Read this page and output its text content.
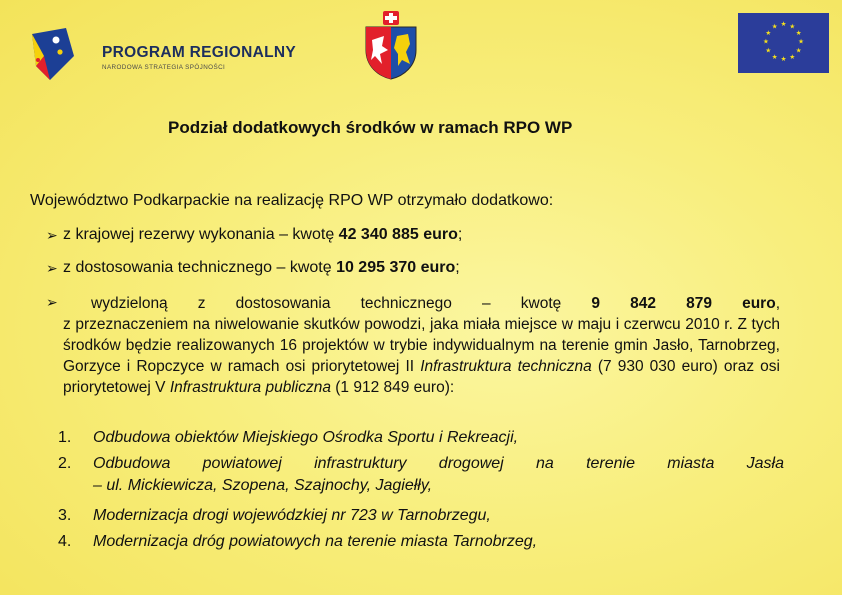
PROGRAM REGIONALNY
NARODOWA STRATEGIA SPÓJNOŚCI
★ ★
★
★
★
★
★
★
★
★
★
★
Podział dodatkowych środków w ramach RPO WP
Województwo Podkarpackie na realizację RPO WP otrzymało dodatkowo:
➢ z krajowej rezerwy wykonania – kwotę 42 340 885 euro;
➢ z dostosowania technicznego – kwotę 10 295 370 euro;
➢	wydzieloną z dostosowania technicznego – kwotę 9 842 879 euro,
z przeznaczeniem na niwelowanie skutków powodzi, jaka miała miejsce w maju i czerwcu 2010 r. Z tych środków będzie realizowanych 16 projektów w trybie indywidualnym na terenie gmin Jasło, Tarnobrzeg, Gorzyce i Ropczyce w ramach osi priorytetowej II Infrastruktura techniczna (7 930 030 euro) oraz osi priorytetowej V Infrastruktura publiczna (1 912 849 euro):
1. Odbudowa obiektów Miejskiego Ośrodka Sportu i Rekreacji,
2. Odbudowa powiatowej infrastruktury drogowej na terenie miasta Jasła
– ul. Mickiewicza, Szopena, Szajnochy, Jagiełły,
3. Modernizacja drogi wojewódzkiej nr 723 w Tarnobrzegu,
4. Modernizacja dróg powiatowych na terenie miasta Tarnobrzeg,
